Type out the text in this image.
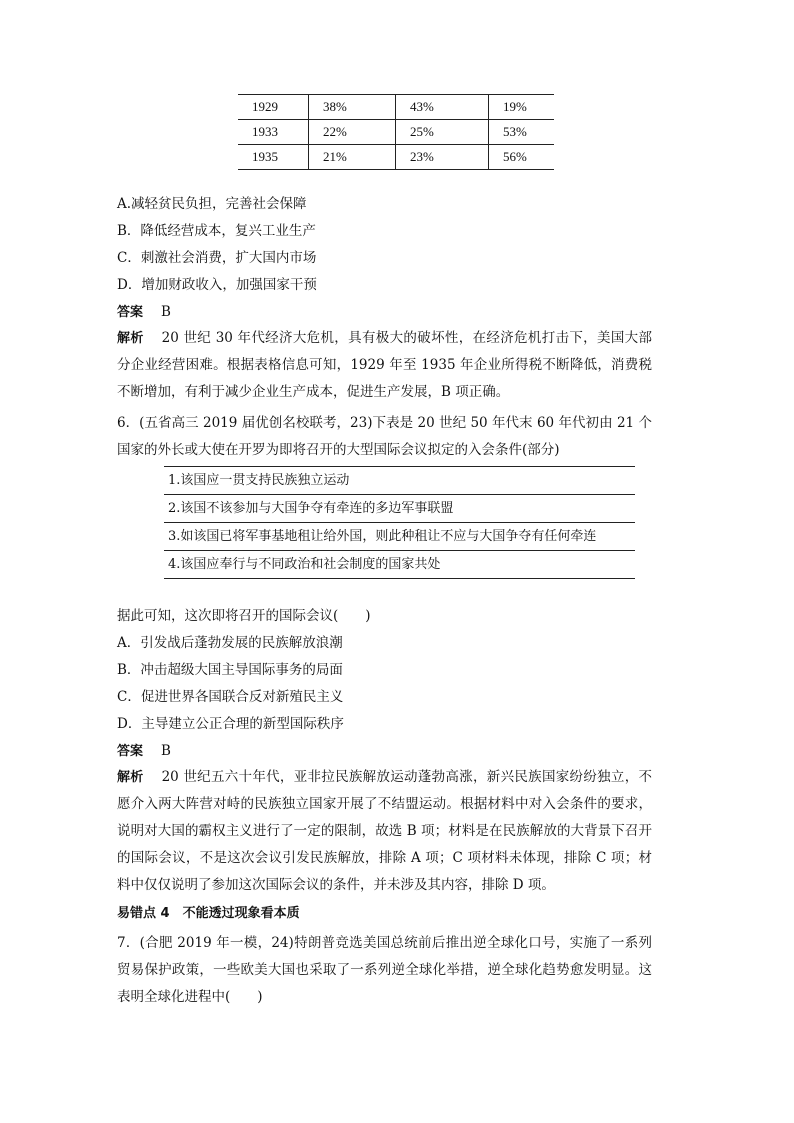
1929	38%	43%	19%
1933	22%	25%	53%
1935	21%	23%	56%
A.减轻贫民负担，完善社会保障
B．降低经营成本，复兴工业生产
C．刺激社会消费，扩大国内市场
D．增加财政收入，加强国家干预
答案 B
解析 20 世纪 30 年代经济大危机，具有极大的破坏性，在经济危机打击下，美国大部分企业经营困难。根据表格信息可知，1929 年至 1935 年企业所得税不断降低，消费税不断增加，有利于减少企业生产成本，促进生产发展，B 项正确。
6．(五省高三 2019 届优创名校联考，23)下表是 20 世纪 50 年代末 60 年代初由 21 个国家的外长或大使在开罗为即将召开的大型国际会议拟定的入会条件(部分)
1.该国应一贯支持民族独立运动
2.该国不该参加与大国争夺有牵连的多边军事联盟
3.如该国已将军事基地租让给外国，则此种租让不应与大国争夺有任何牵连
4.该国应奉行与不同政治和社会制度的国家共处
据此可知，这次即将召开的国际会议(　　)
A．引发战后蓬勃发展的民族解放浪潮
B．冲击超级大国主导国际事务的局面
C．促进世界各国联合反对新殖民主义
D．主导建立公正合理的新型国际秩序
答案 B
解析 20 世纪五六十年代，亚非拉民族解放运动蓬勃高涨，新兴民族国家纷纷独立，不愿介入两大阵营对峙的民族独立国家开展了不结盟运动。根据材料中对入会条件的要求，说明对大国的霸权主义进行了一定的限制，故选 B 项；材料是在民族解放的大背景下召开的国际会议，不是这次会议引发民族解放，排除 A 项；C 项材料未体现，排除 C 项；材料中仅仅说明了参加这次国际会议的条件，并未涉及其内容，排除 D 项。
易错点 4　不能透过现象看本质
7．(合肥 2019 年一模，24)特朗普竞选美国总统前后推出逆全球化口号，实施了一系列贸易保护政策，一些欧美大国也采取了一系列逆全球化举措，逆全球化趋势愈发明显。这表明全球化进程中(　　)
